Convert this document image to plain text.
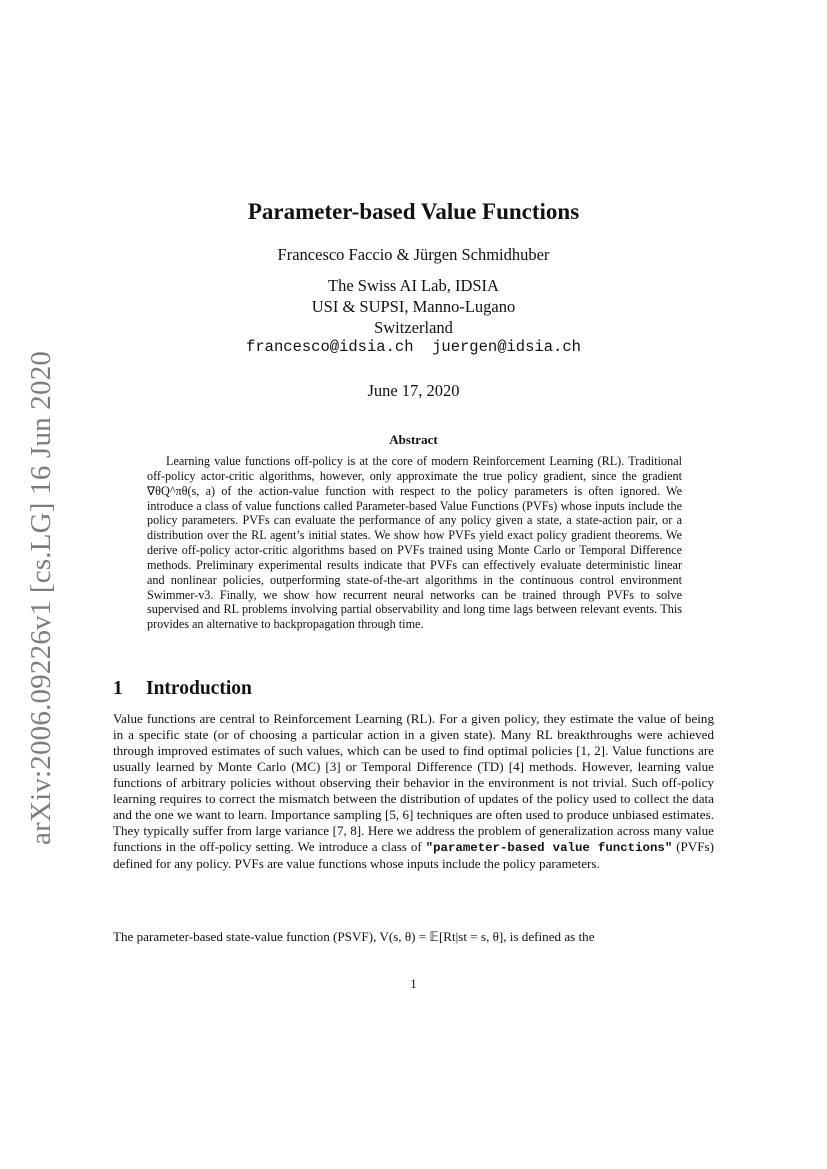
arXiv:2006.09226v1 [cs.LG] 16 Jun 2020
Parameter-based Value Functions
Francesco Faccio & Jürgen Schmidhuber
The Swiss AI Lab, IDSIA
USI & SUPSI, Manno-Lugano
Switzerland
francesco@idsia.ch  juergen@idsia.ch
June 17, 2020
Abstract

Learning value functions off-policy is at the core of modern Reinforcement Learning (RL). Traditional off-policy actor-critic algorithms, however, only approximate the true policy gradient, since the gradient ∇θQ^πθ(s, a) of the action-value function with respect to the policy parameters is often ignored. We introduce a class of value functions called Parameter-based Value Functions (PVFs) whose inputs include the policy parameters. PVFs can evaluate the performance of any policy given a state, a state-action pair, or a distribution over the RL agent’s initial states. We show how PVFs yield exact policy gradient theorems. We derive off-policy actor-critic algorithms based on PVFs trained using Monte Carlo or Temporal Difference methods. Preliminary experimental results indicate that PVFs can effectively evaluate deterministic linear and nonlinear policies, outperforming state-of-the-art algorithms in the continuous control environment Swimmer-v3. Finally, we show how recurrent neural networks can be trained through PVFs to solve supervised and RL problems involving partial observability and long time lags between relevant events. This provides an alternative to backpropagation through time.

1 Introduction

Value functions are central to Reinforcement Learning (RL). For a given policy, they estimate the value of being in a specific state (or of choosing a particular action in a given state). Many RL breakthroughs were achieved through improved estimates of such values, which can be used to find optimal policies [1, 2]. Value functions are usually learned by Monte Carlo (MC) [3] or Temporal Difference (TD) [4] methods. However, learning value functions of arbitrary policies without observing their behavior in the environment is not trivial. Such off-policy learning requires to correct the mismatch between the distribution of updates of the policy used to collect the data and the one we want to learn. Importance sampling [5, 6] techniques are often used to produce unbiased estimates. They typically suffer from large variance [7, 8]. Here we address the problem of generalization across many value functions in the off-policy setting. We introduce a class of "parameter-based value functions" (PVFs) defined for any policy. PVFs are value functions whose inputs include the policy parameters.

The parameter-based state-value function (PSVF), V(s, θ) = 𝔼[Rt|st = s, θ], is defined as the

1
